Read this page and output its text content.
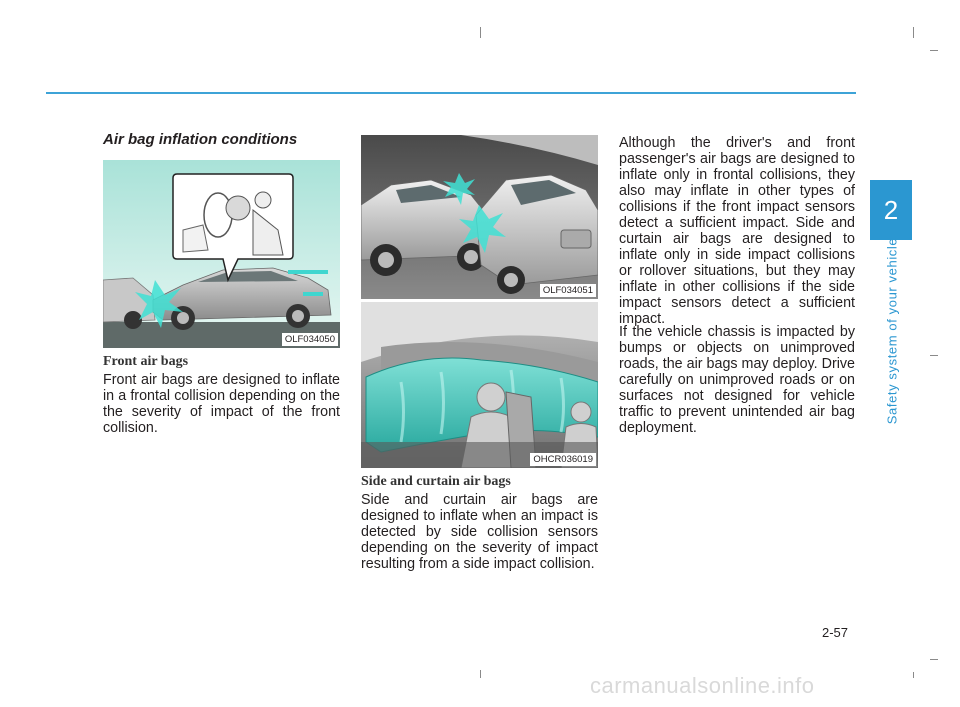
2
Safety system of your vehicle
Air bag inflation conditions
OLF034050
Front air bags
Front air bags are designed to inflate in a frontal collision depending on the the severity of impact of the front collision.
OLF034051
OHCR036019
Side and curtain air bags
Side and curtain air bags are designed to inflate when an impact is detected by side collision sensors depending on the severity of impact resulting from a side impact collision.
Although the driver's and front passenger's air bags are designed to inflate only in frontal collisions, they also may inflate in other types of collisions if the front impact sensors detect a sufficient impact. Side and curtain air bags are designed to inflate only in side impact collisions or rollover situations, but they may inflate in other collisions if the side impact sensors detect a sufficient impact.
If the vehicle chassis is impacted by bumps or objects on unimproved roads, the air bags may deploy. Drive carefully on unimproved roads or on surfaces not designed for vehicle traffic to prevent unintended air bag deployment.
2-57
carmanualsonline.info
